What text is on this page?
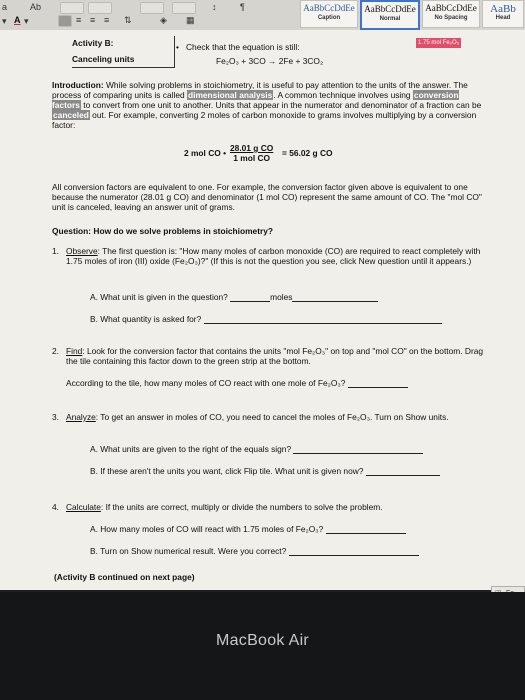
a	Ab	↕	¶
▾ A ▾	≡ ≡ ≡ ⇅	◈ ▦
AaBbCcDdEe
Caption
AaBbCcDdEe
Normal
AaBbCcDdEe
No Spacing
AaBb
Head
Activity B:
Canceling units
• Check that the equation is still:
Fe₂O₃ + 3CO → 2Fe + 3CO₂
1.75 mol Fe₂O₃

Introduction: While solving problems in stoichiometry, it is useful to pay attention to the units of the answer. The process of comparing units is called dimensional analysis. A common technique involves using conversion factors to convert from one unit to another. Units that appear in the numerator and denominator of a fraction can be canceled out. For example, converting 2 moles of carbon monoxide to grams involves multiplying by a conversion factor:

2 mol CO • 28.01 g CO
1 mol CO	= 56.02 g CO

All conversion factors are equivalent to one. For example, the conversion factor given above is equivalent to one because the numerator (28.01 g CO) and denominator (1 mol CO) represent the same amount of CO. The "mol CO" unit is canceled, leaving an answer unit of grams.

Question: How do we solve problems in stoichiometry?
1. Observe: The first question is: "How many moles of carbon monoxide (CO) are required to react completely with 1.75 moles of iron (III) oxide (Fe₂O₃)?" (If this is not the question you see, click New question until it appears.)

A. What unit is given in the question?	moles
B. What quantity is asked for?
2. Find: Look for the conversion factor that contains the units "mol Fe₂O₃" on top and "mol CO" on the bottom. Drag the tile containing this factor down to the green strip at the bottom.

According to the tile, how many moles of CO react with one mole of Fe₂O₃?
3. Analyze: To get an answer in moles of CO, you need to cancel the moles of Fe₂O₃. Turn on Show units.

A. What units are given to the right of the equals sign?
B. If these aren't the units you want, click Flip tile. What unit is given now?
4. Calculate: If the units are correct, multiply or divide the numbers to solve the problem.

A. How many moles of CO will react with 1.75 moles of Fe₂O₃?
B. Turn on Show numerical result. Were you correct?
(Activity B continued on next page)
MacBook Air
